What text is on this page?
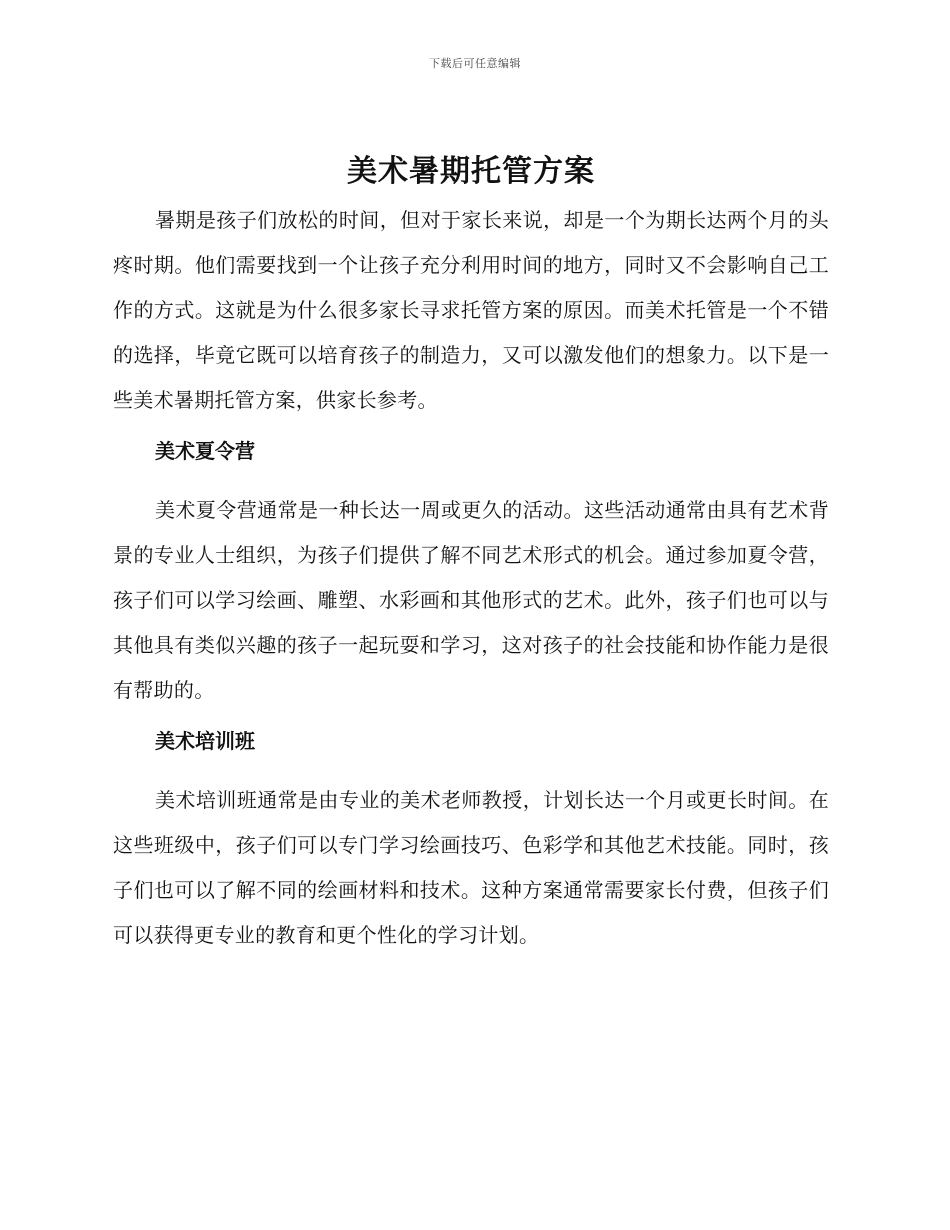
下载后可任意编辑
美术暑期托管方案

暑期是孩子们放松的时间，但对于家长来说，却是一个为期长达两个月的头疼时期。他们需要找到一个让孩子充分利用时间的地方，同时又不会影响自己工作的方式。这就是为什么很多家长寻求托管方案的原因。而美术托管是一个不错的选择，毕竟它既可以培育孩子的制造力，又可以激发他们的想象力。以下是一些美术暑期托管方案，供家长参考。

美术夏令营

美术夏令营通常是一种长达一周或更久的活动。这些活动通常由具有艺术背景的专业人士组织，为孩子们提供了解不同艺术形式的机会。通过参加夏令营，孩子们可以学习绘画、雕塑、水彩画和其他形式的艺术。此外，孩子们也可以与其他具有类似兴趣的孩子一起玩耍和学习，这对孩子的社会技能和协作能力是很有帮助的。

美术培训班

美术培训班通常是由专业的美术老师教授，计划长达一个月或更长时间。在这些班级中，孩子们可以专门学习绘画技巧、色彩学和其他艺术技能。同时，孩子们也可以了解不同的绘画材料和技术。这种方案通常需要家长付费，但孩子们可以获得更专业的教育和更个性化的学习计划。
